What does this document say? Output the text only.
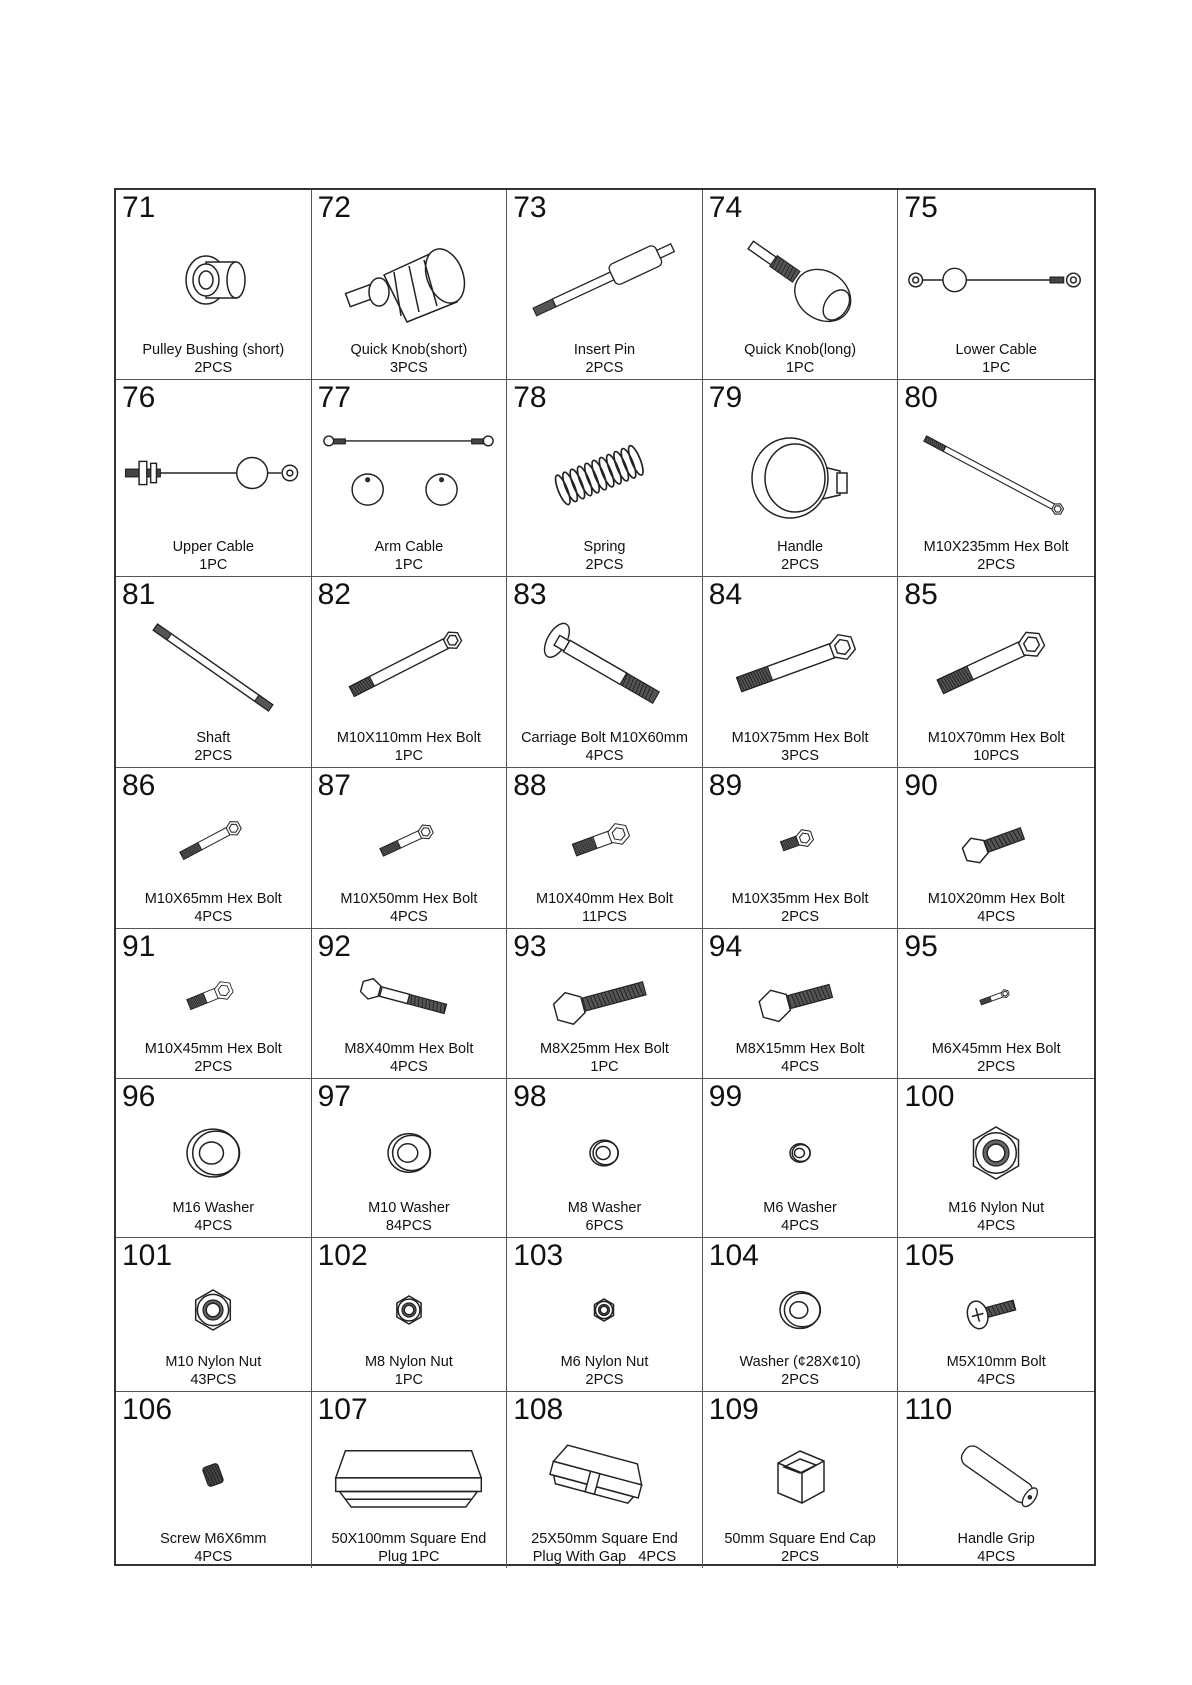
71
Pulley Bushing (short)
2PCS
72
Quick Knob(short)
3PCS
73
Insert Pin
2PCS
74
Quick Knob(long)
1PC
75
Lower Cable
1PC
76
Upper Cable
1PC
77
Arm Cable
1PC
78
Spring
2PCS
79
Handle
2PCS
80
M10X235mm Hex Bolt
2PCS
81
Shaft
2PCS
82
M10X110mm Hex Bolt
1PC
83
Carriage Bolt M10X60mm
4PCS
84
M10X75mm Hex Bolt
3PCS
85
M10X70mm Hex Bolt
10PCS
86
M10X65mm Hex Bolt
4PCS
87
M10X50mm Hex Bolt
4PCS
88
M10X40mm Hex Bolt
11PCS
89
M10X35mm Hex Bolt
2PCS
90
M10X20mm Hex Bolt
4PCS
91
M10X45mm Hex Bolt
2PCS
92
M8X40mm Hex Bolt
4PCS
93
M8X25mm Hex Bolt
1PC
94
M8X15mm Hex Bolt
4PCS
95
M6X45mm Hex Bolt
2PCS
96
M16 Washer
4PCS
97
M10 Washer
84PCS
98
M8 Washer
6PCS
99
M6 Washer
4PCS
100
M16 Nylon Nut
4PCS
101
M10 Nylon Nut
43PCS
102
M8 Nylon Nut
1PC
103
M6 Nylon Nut
2PCS
104
Washer (¢28X¢10)
2PCS
105
M5X10mm Bolt
4PCS
106
Screw M6X6mm
4PCS
107
50X100mm Square End
Plug 1PC
108
25X50mm Square End
Plug With Gap   4PCS
109
50mm Square End Cap
2PCS
110
Handle Grip
4PCS
